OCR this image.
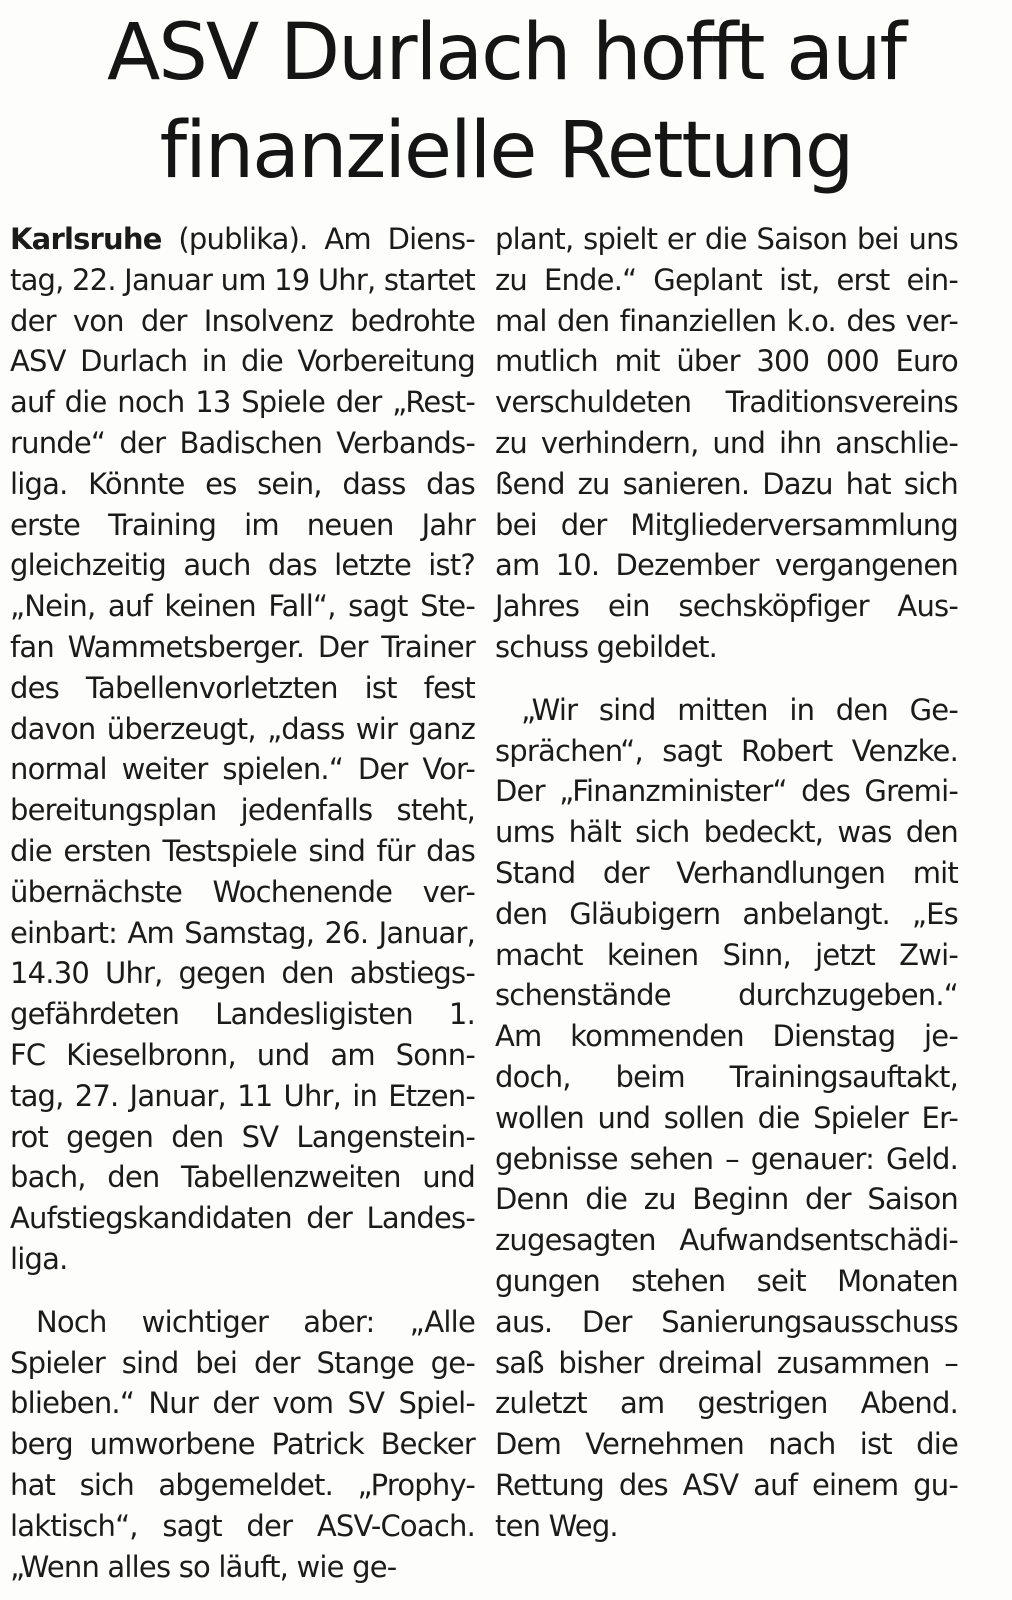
ASV Durlach hofft auf
finanzielle Rettung
Karlsruhe (publika). Am Diens-
tag, 22. Januar um 19 Uhr, startet
der von der Insolvenz bedrohte
ASV Durlach in die Vorbereitung
auf die noch 13 Spiele der „Rest-
runde“ der Badischen Verbands-
liga. Könnte es sein, dass das
erste Training im neuen Jahr
gleichzeitig auch das letzte ist?
„Nein, auf keinen Fall“, sagt Ste-
fan Wammetsberger. Der Trainer
des Tabellenvorletzten ist fest
davon überzeugt, „dass wir ganz
normal weiter spielen.“ Der Vor-
bereitungsplan jedenfalls steht,
die ersten Testspiele sind für das
übernächste Wochenende ver-
einbart: Am Samstag, 26. Januar,
14.30 Uhr, gegen den abstiegs-
gefährdeten Landesligisten 1.
FC Kieselbronn, und am Sonn-
tag, 27. Januar, 11 Uhr, in Etzen-
rot gegen den SV Langenstein-
bach, den Tabellenzweiten und
Aufstiegskandidaten der Landes-
liga.
Noch wichtiger aber: „Alle
Spieler sind bei der Stange ge-
blieben.“ Nur der vom SV Spiel-
berg umworbene Patrick Becker
hat sich abgemeldet. „Prophy-
laktisch“, sagt der ASV-Coach.
„Wenn alles so läuft, wie ge-
plant, spielt er die Saison bei uns
zu Ende.“ Geplant ist, erst ein-
mal den finanziellen k.o. des ver-
mutlich mit über 300 000 Euro
verschuldeten Traditionsvereins
zu verhindern, und ihn anschlie-
ßend zu sanieren. Dazu hat sich
bei der Mitgliederversammlung
am 10. Dezember vergangenen
Jahres ein sechsköpfiger Aus-
schuss gebildet.
„Wir sind mitten in den Ge-
sprächen“, sagt Robert Venzke.
Der „Finanzminister“ des Gremi-
ums hält sich bedeckt, was den
Stand der Verhandlungen mit
den Gläubigern anbelangt. „Es
macht keinen Sinn, jetzt Zwi-
schenstände durchzugeben.“
Am kommenden Dienstag je-
doch, beim Trainingsauftakt,
wollen und sollen die Spieler Er-
gebnisse sehen – genauer: Geld.
Denn die zu Beginn der Saison
zugesagten Aufwandsentschädi-
gungen stehen seit Monaten
aus. Der Sanierungsausschuss
saß bisher dreimal zusammen –
zuletzt am gestrigen Abend.
Dem Vernehmen nach ist die
Rettung des ASV auf einem gu-
ten Weg.
